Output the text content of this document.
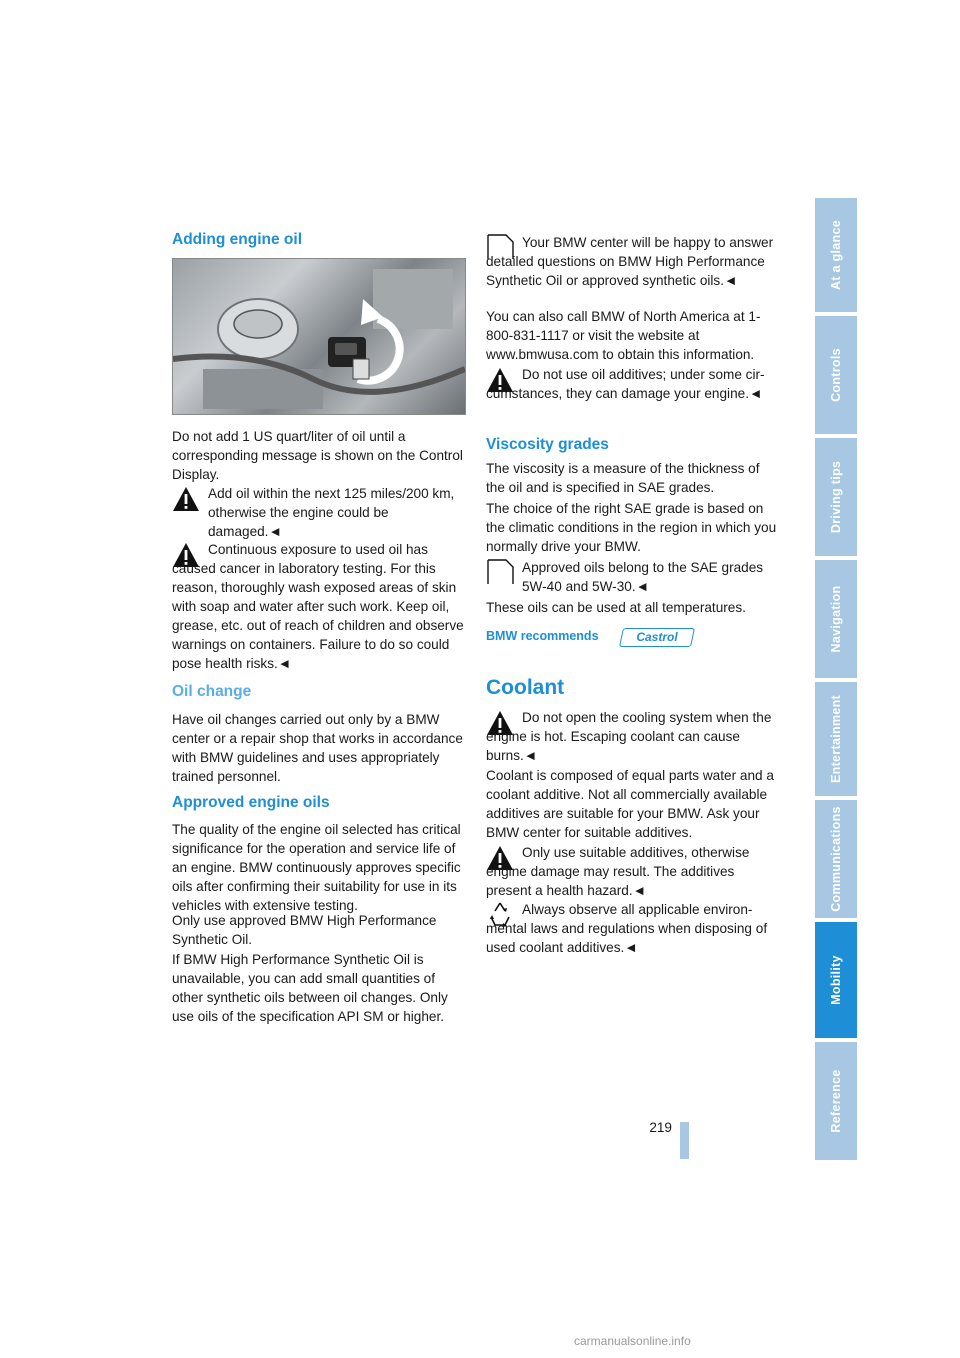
Adding engine oil

Do not add 1 US quart/liter of oil until a corresponding message is shown on the Control Display.

Add oil within the next 125 miles/200 km,
otherwise the engine could be damaged.◄

Continuous exposure to used oil has
caused cancer in laboratory testing. For this reason, thoroughly wash exposed areas of skin with soap and water after such work. Keep oil, grease, etc. out of reach of children and observe warnings on containers. Failure to do so could pose health risks.◄

Oil change

Have oil changes carried out only by a BMW center or a repair shop that works in accordance with BMW guidelines and uses appropriately trained personnel.

Approved engine oils

The quality of the engine oil selected has critical significance for the operation and service life of an engine. BMW continuously approves specific oils after confirming their suitability for use in its vehicles with extensive testing.

Only use approved BMW High Performance Synthetic Oil.

If BMW High Performance Synthetic Oil is unavailable, you can add small quantities of other synthetic oils between oil changes. Only use oils of the specification API SM or higher.

Your BMW center will be happy to answer
detailed questions on BMW High Performance Synthetic Oil or approved synthetic oils.◄

You can also call BMW of North America at 1-800-831-1117 or visit the website at www.bmwusa.com to obtain this information.

Do not use oil additives; under some cir-
cumstances, they can damage your engine.◄

Viscosity grades

The viscosity is a measure of the thickness of the oil and is specified in SAE grades.

The choice of the right SAE grade is based on the climatic conditions in the region in which you normally drive your BMW.

Approved oils belong to the SAE grades
5W-40 and 5W-30.◄

These oils can be used at all temperatures.

BMW recommends	Castrol
Coolant

Do not open the cooling system when the
engine is hot. Escaping coolant can cause burns.◄

Coolant is composed of equal parts water and a coolant additive. Not all commercially available additives are suitable for your BMW. Ask your BMW center for suitable additives.

Only use suitable additives, otherwise
engine damage may result. The additives present a health hazard.◄

Always observe all applicable environ-
mental laws and regulations when disposing of used coolant additives.◄

At a glance
Controls
Driving tips
Navigation
Entertainment
Communications
Mobility
Reference
219
carmanualsonline.info
